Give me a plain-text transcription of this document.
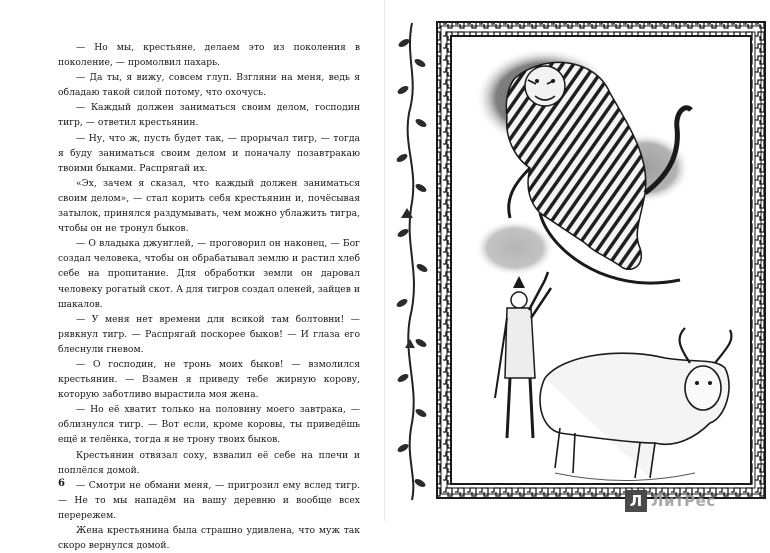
— Но мы, крестьяне, делаем это из поколения в поколение, — промолвил пахарь.

— Да ты, я вижу, совсем глуп. Взгляни на меня, ведь я обладаю такой силой потому, что охочусь.

— Каждый должен заниматься своим делом, господин тигр, — ответил крестьянин.

— Ну, что ж, пусть будет так, — прорычал тигр, — тогда я буду заниматься своим делом и поначалу позавтракаю твоими быками. Распрягай их.

«Эх, зачем я сказал, что каждый должен заниматься своим делом», — стал корить себя крестьянин и, почёсывая затылок, принялся раздумывать, чем можно ублажить тигра, чтобы он не тронул быков.

— О владыка джунглей, — проговорил он наконец, — Бог создал человека, чтобы он обрабатывал землю и растил хлеб себе на пропитание. Для обработки земли он даровал человеку рогатый скот. А для тигров создал оленей, зайцев и шакалов.

— У меня нет времени для всякой там болтовни! — рявкнул тигр. — Распрягай поскорее быков! — И глаза его блеснули гневом.

— О господин, не тронь моих быков! — взмолился крестьянин. — Взамен я приведу тебе жирную корову, которую заботливо вырастила моя жена.

— Но её хватит только на половину моего завтрака, — облизнулся тигр. — Вот если, кроме коровы, ты приведёшь ещё и телёнка, тогда я не трону твоих быков.

Крестьянин отвязал соху, взвалил её себе на плечи и поплёлся домой.

— Смотри не обмани меня, — пригрозил ему вслед тигр. — Не то мы нападём на вашу деревню и вообще всех перережем.

Жена крестьянина была страшно удивлена, что муж так скоро вернулся домой.

6
Л ЛитРес
